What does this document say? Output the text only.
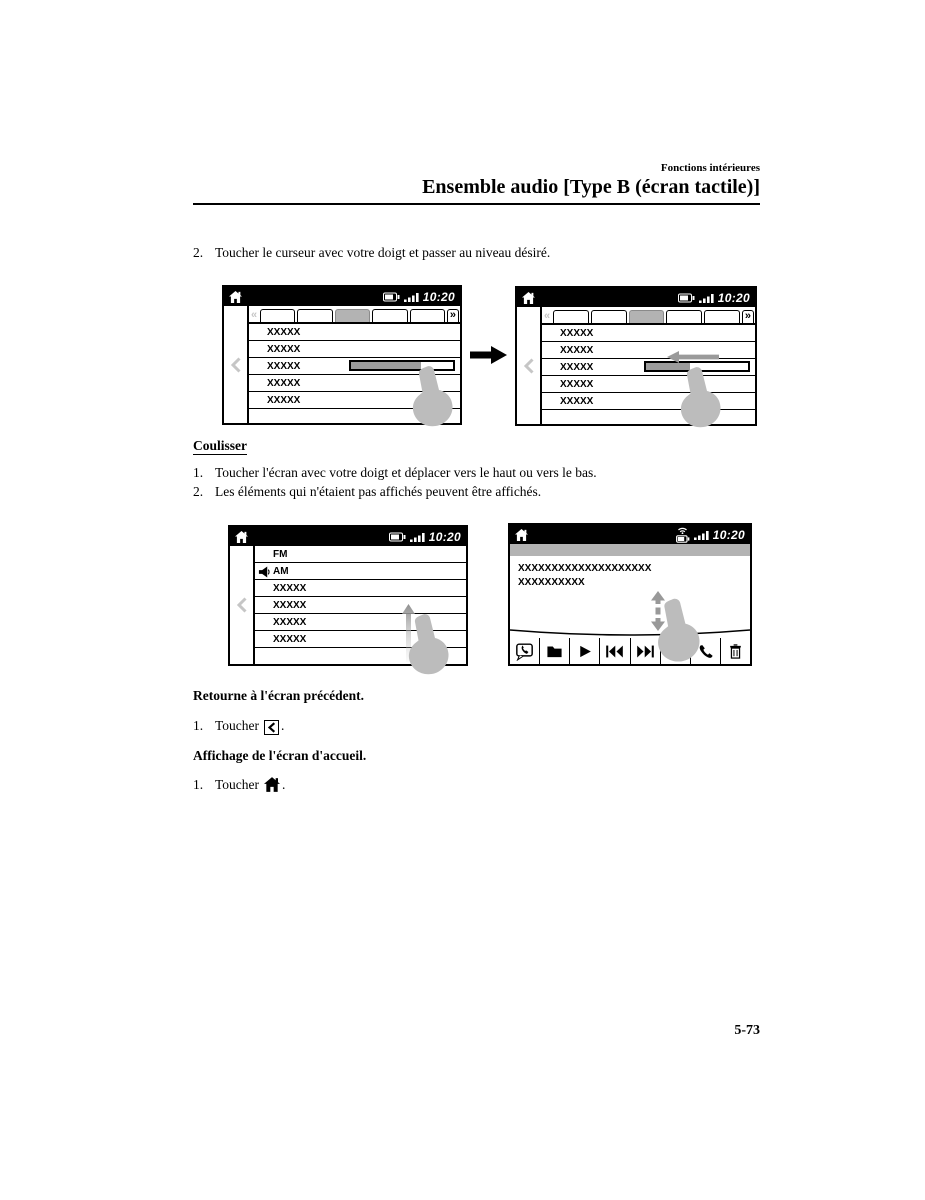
Fonctions intérieures
Ensemble audio [Type B (écran tactile)]
2. Toucher le curseur avec votre doigt et passer au niveau désiré.
10:20
«	»
XXXXX
XXXXX
XXXXX
XXXXX
XXXXX
10:20
«	»
XXXXX
XXXXX
XXXXX
XXXXX
XXXXX
Coulisser
1. Toucher l'écran avec votre doigt et déplacer vers le haut ou vers le bas.
2. Les éléments qui n'étaient pas affichés peuvent être affichés.
10:20
FM
AM
XXXXX
XXXXX
XXXXX
XXXXX
10:20
XXXXXXXXXXXXXXXXXXXX
XXXXXXXXXX
Retourne à l'écran précédent.
1. Toucher .
Affichage de l'écran d'accueil.
1. Toucher .
5-73
